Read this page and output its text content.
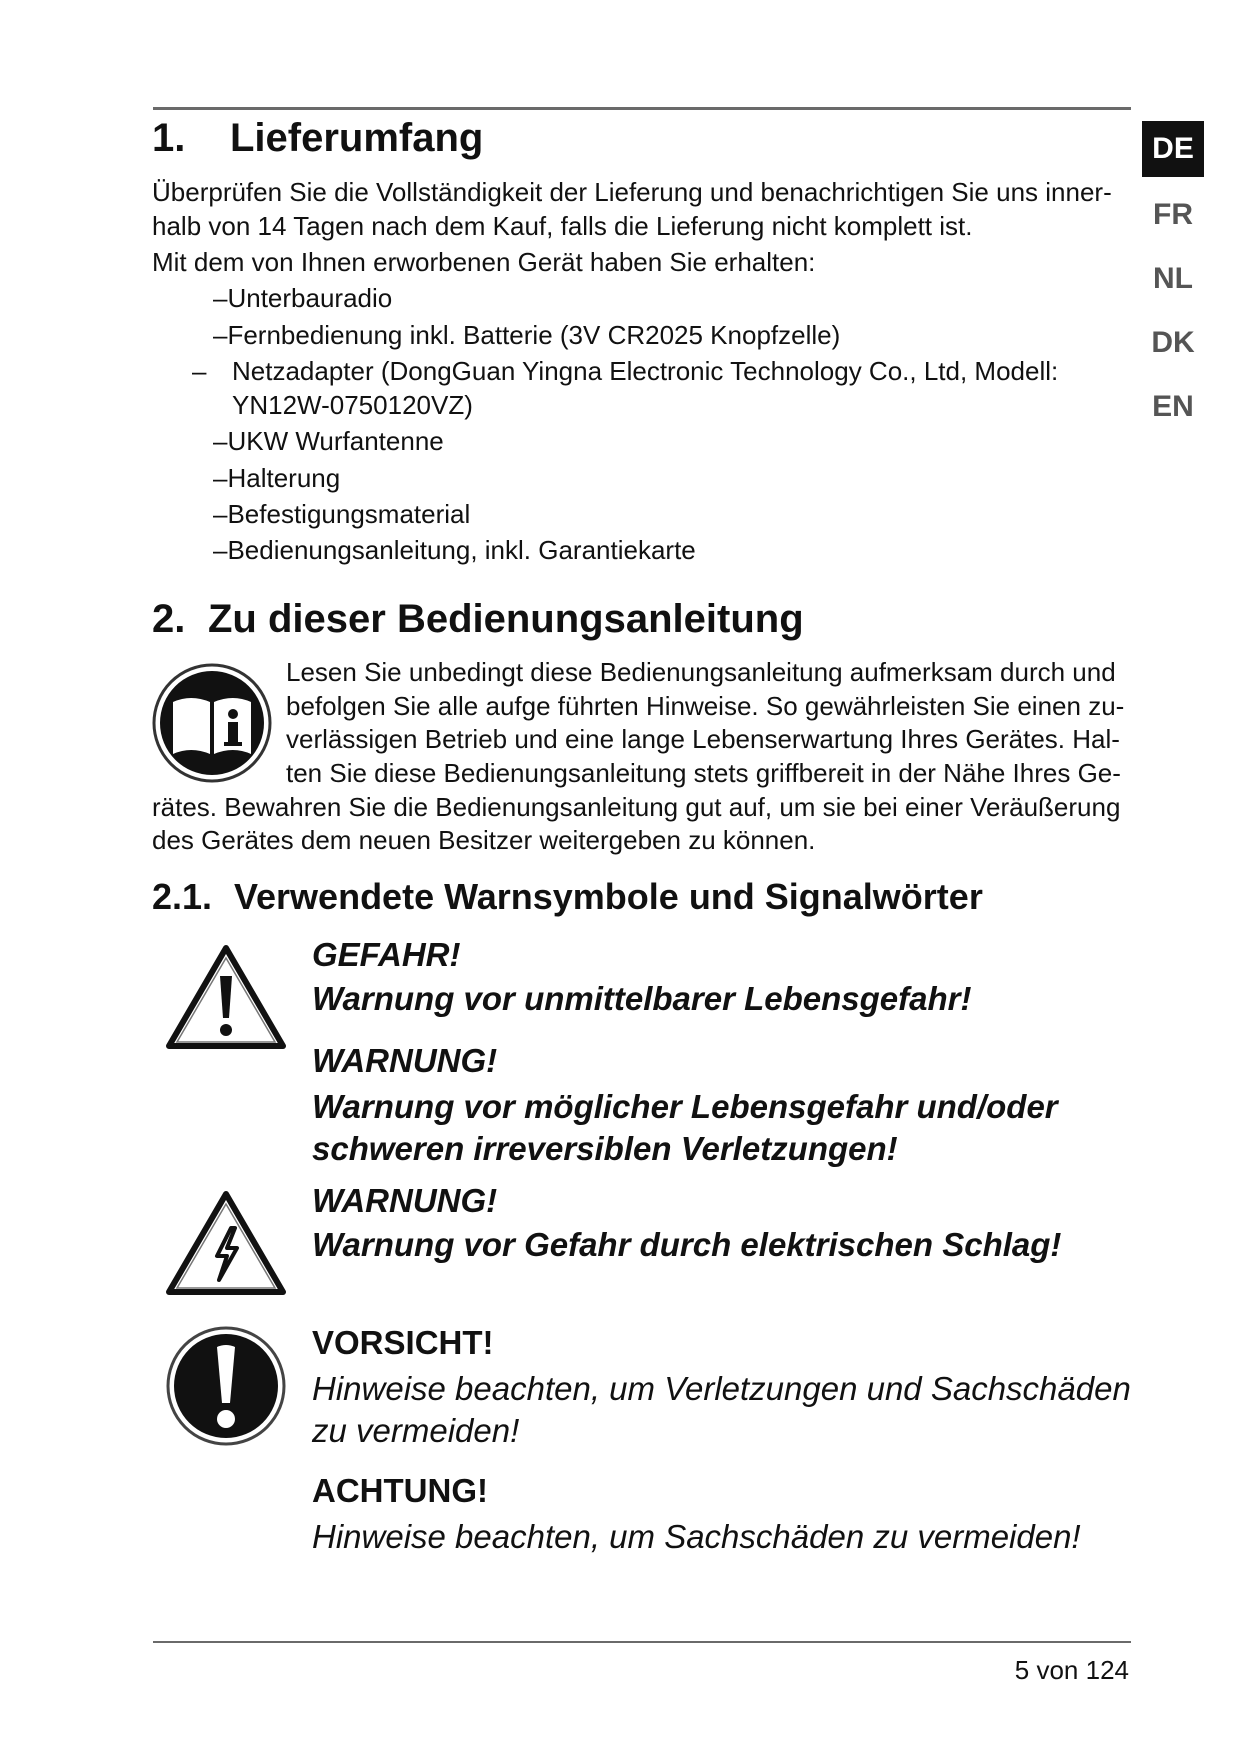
DE
FR
NL
DK
EN
1. Lieferumfang

Überprüfen Sie die Vollständigkeit der Lieferung und benachrichtigen Sie uns inner-

halb von 14 Tagen nach dem Kauf, falls die Lieferung nicht komplett ist.

Mit dem von Ihnen erworbenen Gerät haben Sie erhalten:

–Unterbauradio
–Fernbedienung inkl. Batterie (3V CR2025 Knopfzelle)
– Netzadapter (DongGuan Yingna Electronic Technology Co., Ltd, Modell:
YN12W-0750120VZ)
–UKW Wurfantenne
–Halterung
–Befestigungsmaterial
–Bedienungsanleitung, inkl. Garantiekarte
2. Zu dieser Bedienungsanleitung

Lesen Sie unbedingt diese Bedienungsanleitung aufmerksam durch und

befolgen Sie alle aufge führten Hinweise. So gewährleisten Sie einen zu-

verlässigen Betrieb und eine lange Lebenserwartung Ihres Gerätes. Hal-

ten Sie diese Bedienungsanleitung stets griffbereit in der Nähe Ihres Ge-

rätes. Bewahren Sie die Bedienungsanleitung gut auf, um sie bei einer Veräußerung

des Gerätes dem neuen Besitzer weitergeben zu können.

2.1. Verwendete Warnsymbole und Signalwörter
GEFAHR!
Warnung vor unmittelbarer Lebensgefahr!
WARNUNG!
Warnung vor möglicher Lebensgefahr und/oder
schweren irreversiblen Verletzungen!
WARNUNG!
Warnung vor Gefahr durch elektrischen Schlag!
VORSICHT!
Hinweise beachten, um Verletzungen und Sachschäden
zu vermeiden!
ACHTUNG!
Hinweise beachten, um Sachschäden zu vermeiden!
5 von 124
